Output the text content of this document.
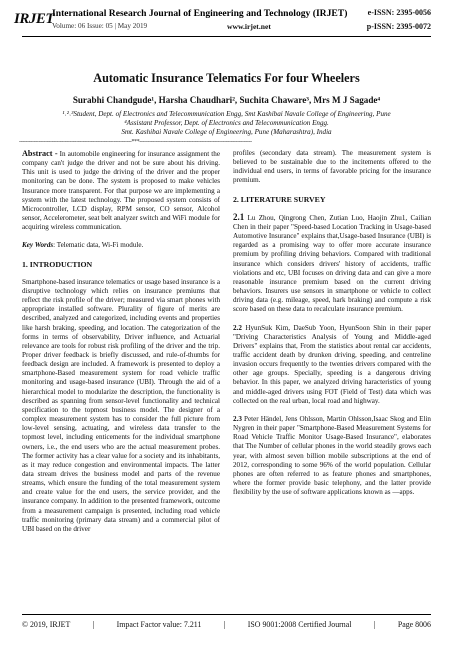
IRJET
International Research Journal of Engineering and Technology (IRJET)	e-ISSN: 2395-0056
Volume: 06 Issue: 05 | May 2019	www.irjet.net	p-ISSN: 2395-0072
Automatic Insurance Telematics For four Wheelers
Surabhi Chandgude¹, Harsha Chaudhari², Suchita Chaware³, Mrs M J Sagade⁴
¹˒²˒³Student, Dept. of Electronics and Telecommunication Engg, Smt Kashibai Navale College of Engineering, Pune
⁴Assistant Professor, Dept. of Electronics and Telecommunication Engg.
Smt. Kashibai Navale College of Engineering, Pune (Maharashtra), India
---------------------------------------------------------------------***---------------------------------------------------------------------

Abstract - In automobile engineering for insurance assignment the company can't judge the driver and not be sure about his driving. This unit is used to judge the driving of the driver and the proper monitoring can be done. The system is proposed to make vehicles Insurance more transparent. For that purpose we are implementing a system with the latest technology. The proposed system consists of Microcontroller, LCD display, RPM sensor, CO sensor, Alcohol sensor, Accelerometer, seat belt analyzer switch and WiFi module for acquiring wireless communication.

Key Words: Telematic data, Wi-Fi module.

1. INTRODUCTION

Smartphone-based insurance telematics or usage based insurance is a disruptive technology which relies on insurance premiums that reflect the risk profile of the driver; measured via smart phones with appropriate installed software. Plurality of figure of merits are described, analyzed and categorized, including events and properties like harsh braking, speeding, and location. The categorization of the forms in terms of observability, Driver influence, and Actuarial relevance are tools for robust risk profiling of the driver and the trip. Proper driver feedback is briefly discussed, and rule-of-thumbs for feedback design are included. A framework is presented to deploy a smartphone-Based measurement system for road vehicle traffic monitoring and usage-based insurance (UBI). Through the aid of a hierarchical model to modularize the description, the functionality is described as spanning from sensor-level functionality and technical specification to the topmost business model. The designer of a complex measurement system has to consider the full picture from low-level sensing, actuating, and wireless data transfer to the topmost level, including enticements for the individual smartphone owners, i.e., the end users who are the actual measurement probes. The former activity has a clear value for a society and its inhabitants, as it may reduce congestion and environmental impacts. The latter data stream drives the business model and parts of the revenue streams, which ensure the funding of the total measurement system and create value for the end users, the service provider, and the insurance company. In addition to the presented framework, outcome from a measurement campaign is presented, including road vehicle traffic monitoring (primary data stream) and a commercial pilot of UBI based on the driver

profiles (secondary data stream). The measurement system is believed to be sustainable due to the incitements offered to the individual end users, in terms of favorable pricing for the insurance premium.

2. LITERATURE SURVEY

2.1 Lu Zhou, Qingrong Chen, Zutian Luo, Haojin Zhu1, Cailian Chen in their paper "Speed-based Location Tracking in Usage-based Automotive Insurance" explains that,Usage-based Insurance (UBI) is regarded as a promising way to offer more accurate insurance premium by profiling driving behaviors. Compared with traditional insurance which considers drivers' history of accidents, traffic violations and etc, UBI focuses on driving data and can give a more reasonable insurance premium based on the current driving behaviors. Insurers use sensors in smartphone or vehicle to collect driving data (e.g. mileage, speed, hark braking) and compute a risk score based on these data to recalculate insurance premium.

2.2 HyunSuk Kim, DaeSub Yoon, HyunSoon Shin in their paper "Driving Characteristics Analysis of Young and Middle-aged Drivers" explains that, From the statistics about rental car accidents, traffic accident death by drunken driving, speeding, and centreline invasion occurs frequently to the twenties drivers compared with the other age groups. Specially, speeding is a dangerous driving behavior. In this paper, we analyzed driving haracteristics of young and middle-aged drivers using FOT (Field of Test) data which was collected on the real urban, local road and highway.

2.3 Peter Händel, Jens Ohlsson, Martin Ohlsson,Isaac Skog and Elin Nygren in their paper "Smartphone-Based Measurement Systems for Road Vehicle Traffic Monitor Usage-Based Insurance", elaborates that The Number of cellular phones in the world steadily grows each year, with almost seven billion mobile subscriptions at the end of 2012, corresponding to some 96% of the world population. Cellular phones are often referred to as feature phones and smartphones, where the former provide basic telephony, and the latter provide flexibility by the use of software applications known as —apps.

© 2019, IRJET	|	Impact Factor value: 7.211	|	ISO 9001:2008 Certified Journal	|	Page 8006
